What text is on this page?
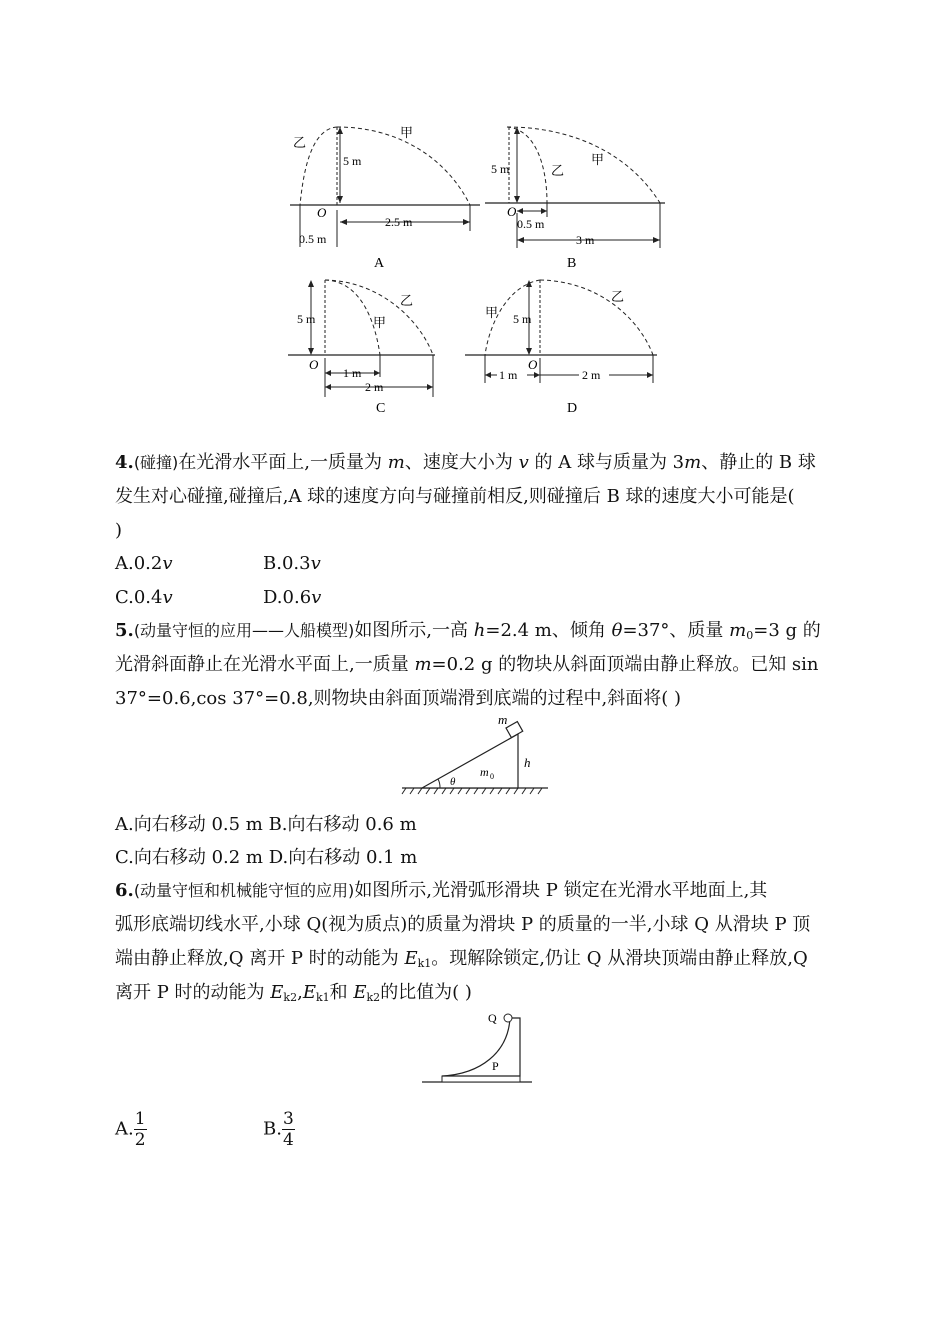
乙
甲
5 m
O
2.5 m
0.5 m
A
5 m	乙
甲
O
0.5 m
3 m
B
5 m
乙
甲
O
1 m
2 m
C
甲 5 m
乙
O
1 m	2 m
D
4.(碰撞)在光滑水平面上,一质量为 m、速度大小为 v 的 A 球与质量为 3m、静止的 B 球
发生对心碰撞,碰撞后,A 球的速度方向与碰撞前相反,则碰撞后 B 球的速度大小可能是(
)
A.0.2v	B.0.3v
C.0.4v	D.0.6v
5.(动量守恒的应用——人船模型)如图所示,一高 h=2.4 m、倾角 θ=37°、质量 $m_0=3$ g 的
光滑斜面静止在光滑水平面上,一质量 m=0.2 g 的物块从斜面顶端由静止释放。已知 sin
37°=0.6,cos 37°=0.8,则物块由斜面顶端滑到底端的过程中,斜面将( )
m
m 0
h
θ
A.向右移动 0.5 m B.向右移动 0.6 m
C.向右移动 0.2 m D.向右移动 0.1 m
6.(动量守恒和机械能守恒的应用)如图所示,光滑弧形滑块 P 锁定在光滑水平地面上,其
弧形底端切线水平,小球 Q(视为质点)的质量为滑块 P 的质量的一半,小球 Q 从滑块 P 顶
端由静止释放,Q 离开 P 时的动能为 $E_{k1}$。现解除锁定,仍让 Q 从滑块顶端由静止释放,Q
离开 P 时的动能为 $E_{k2},E_{k1}$和 $E_{k2}$的比值为( )
Q
P
A. $\frac{1}{2}$	B. $\frac{3}{4}$
